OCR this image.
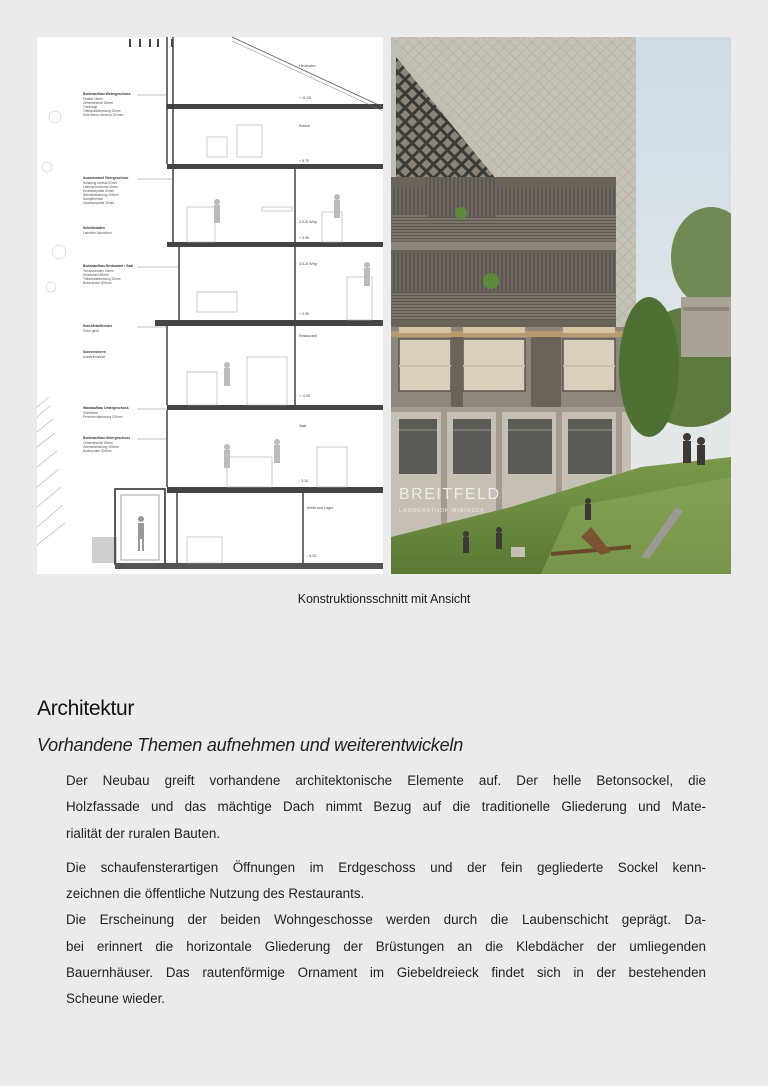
Heuboden
Estrich
+ 11.00
+ 8.70
3.5-Zi Whg.
+ 5.90
3.5-Zi Whg.
+ 2.90
Restaurant
+- 0.00
Saal
- 3.10
Keller und Lager
- 6.20
Bodenaufbau Wohngeschoss
Parkett 15mm
Zementestrich 80mm
Trennlage
Trittschalldämmung 20mm
Holz-Beton-Verbund 200mm
Aussenwand Obergeschoss
Schalung vertikal 22mm
Lattung horizontal 40mm
Holzfaserplatte 60mm
Wärmedämmung 200mm
Dampfbremse
Gipsfaserplatte 15mm
Schiebeladen
Lamellen Aluminium
Bodenaufbau Restaurant / Saal
Terrazzoboden 20mm
Heizestrich 80mm
Trittschalldämmung 20mm
Betondecke 300mm
Holz-Metallfenster
Eiche geölt
Sonnenstoren
Ausstellmarkise
Wandaufbau Untergeschoss
Sichtbeton
Perimeterdämmung 120mm
Bodenaufbau Untergeschoss
Zementestrich 80mm
Wärmedämmung 100mm
Bodenplatte 300mm
BREITFELD
LANDGASTHOF·MINIGOLF
Konstruktionsschnitt mit Ansicht
Architektur
Vorhandene Themen aufnehmen und weiterentwickeln

Der Neubau greift vorhandene architektonische Elemente auf. Der helle Betonsockel, die
Holzfassade und das mächtige Dach nimmt Bezug auf die traditionelle Gliederung und Mate-
rialität der ruralen Bauten.

Die schaufensterartigen Öffnungen im Erdgeschoss und der fein gegliederte Sockel kenn-
zeichnen die öffentliche Nutzung des Restaurants.
Die Erscheinung der beiden Wohngeschosse werden durch die Laubenschicht geprägt. Da-
bei erinnert die horizontale Gliederung der Brüstungen an die Klebdächer der umliegenden
Bauernhäuser. Das rautenförmige Ornament im Giebeldreieck findet sich in der bestehenden
Scheune wieder.
